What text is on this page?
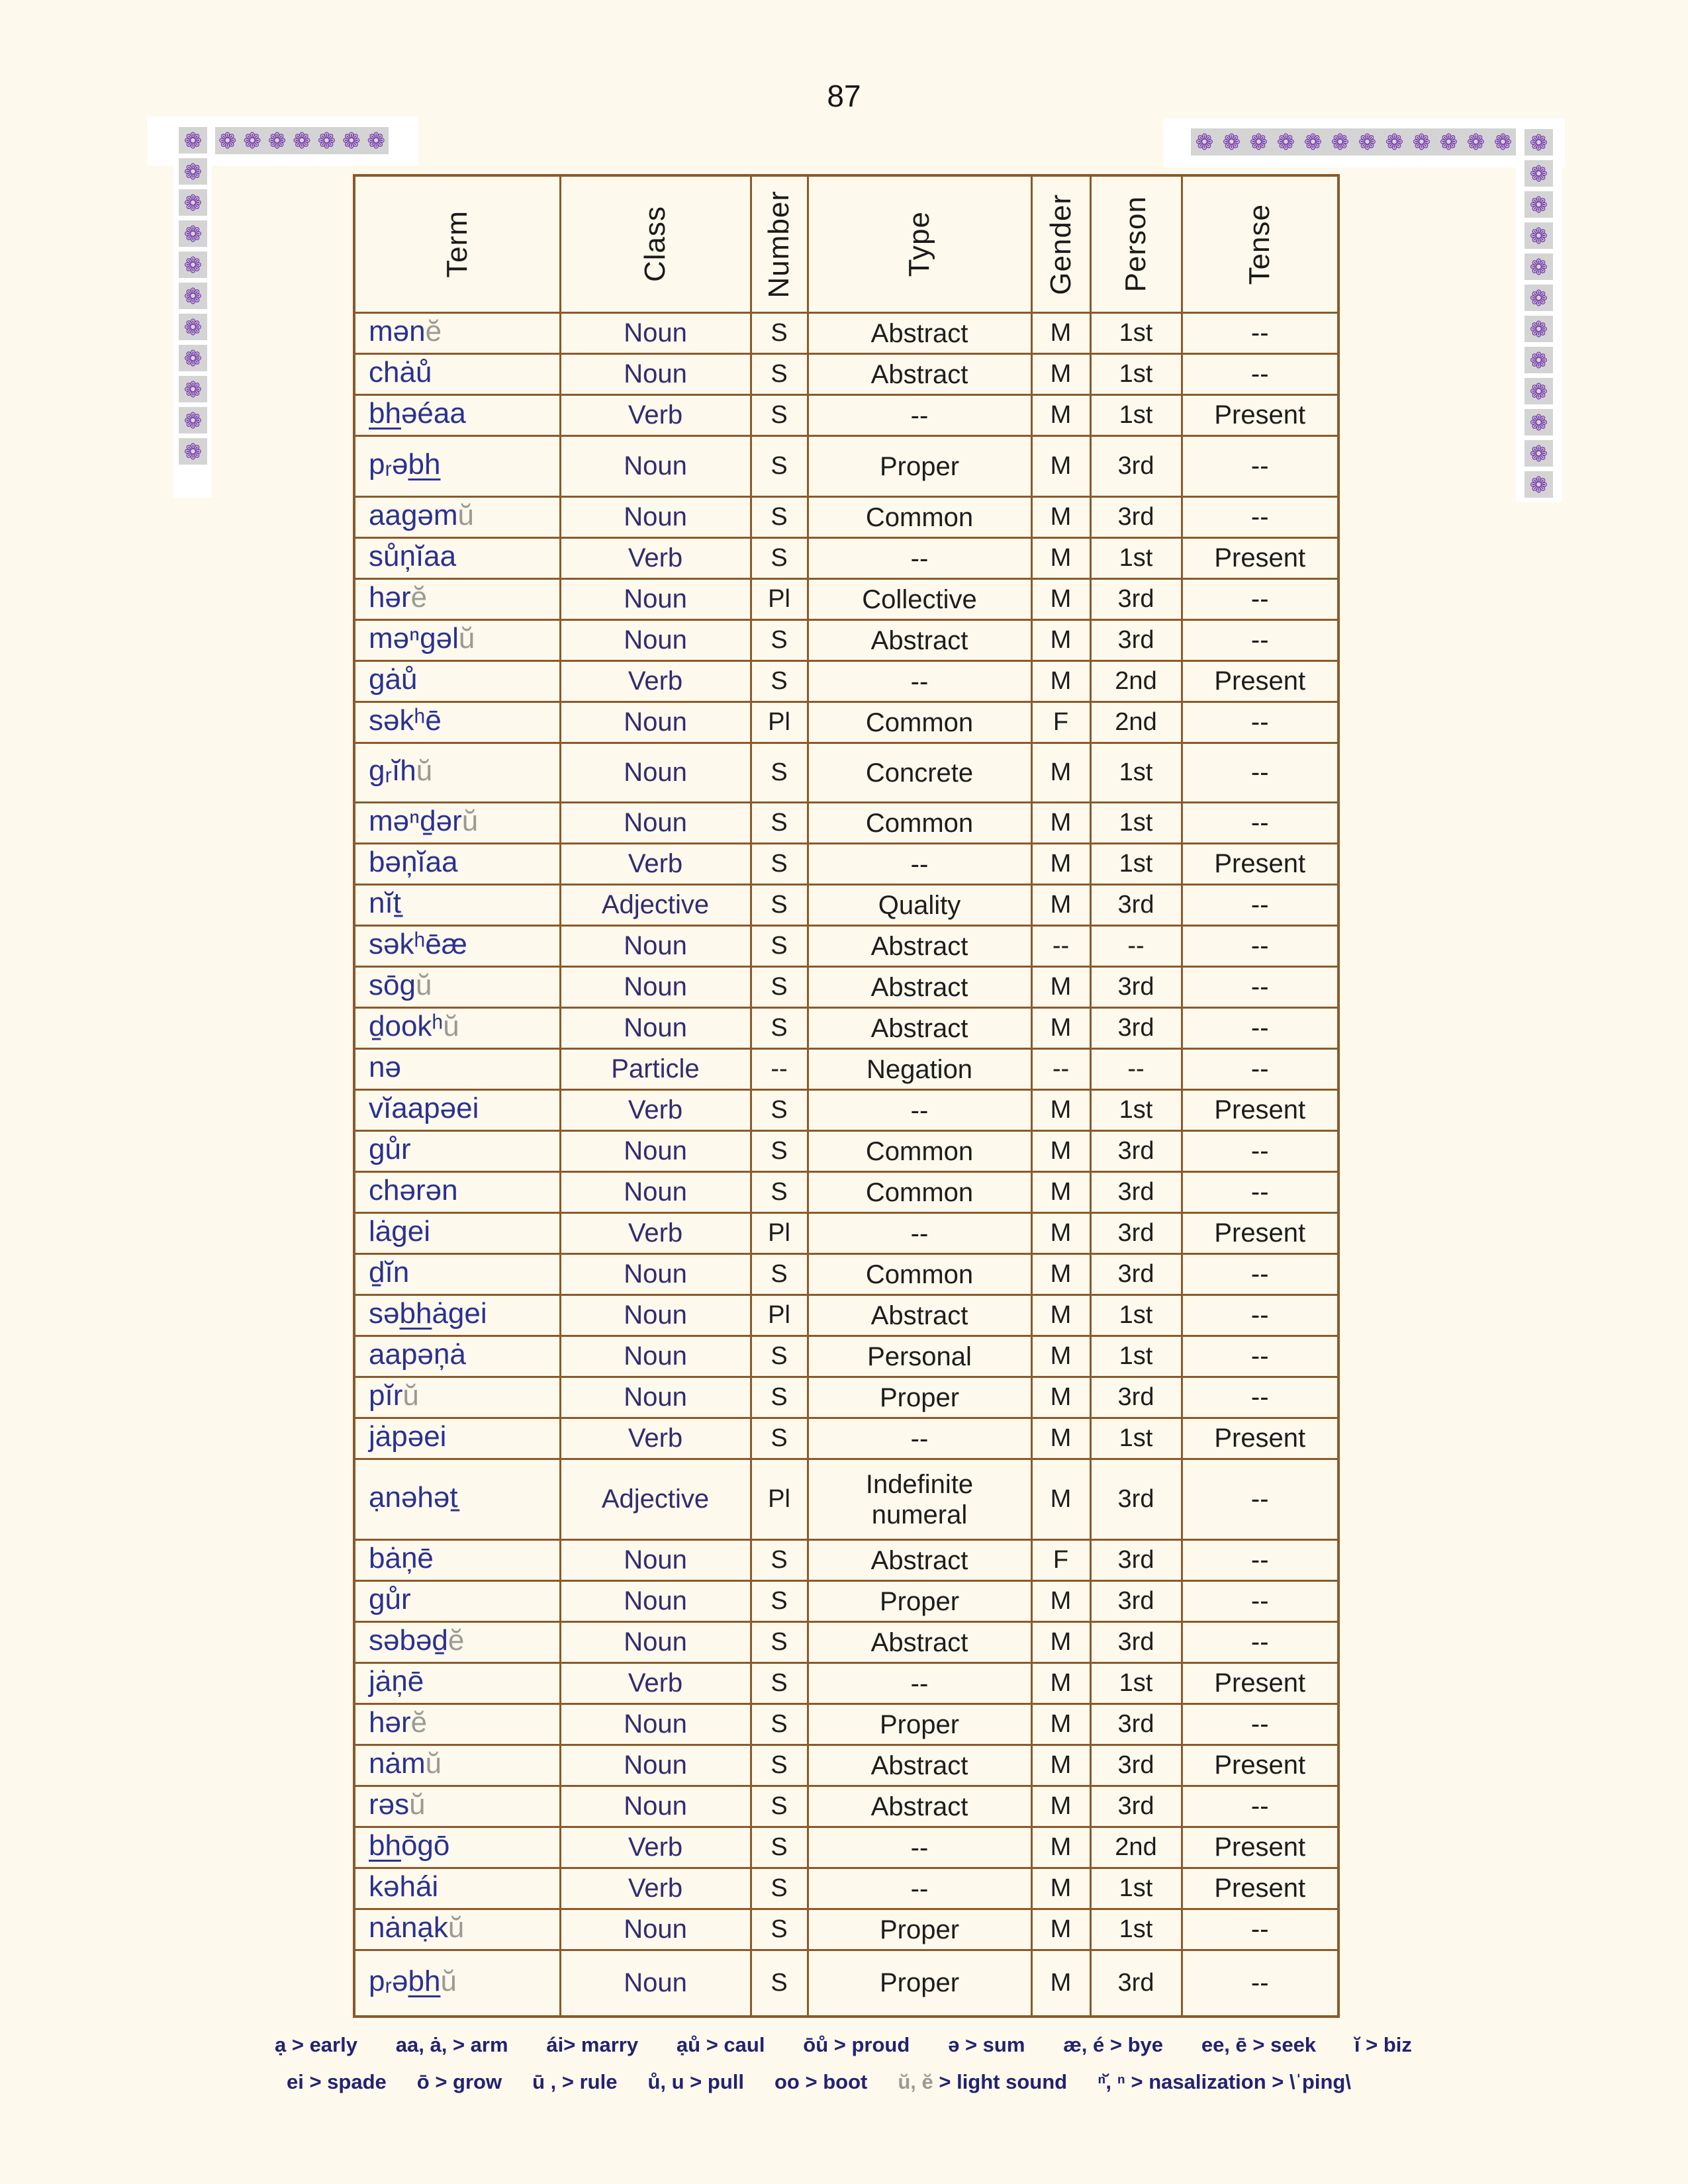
87
❁ ❁ ❁ ❁ ❁ ❁ ❁	❁ ❁ ❁ ❁ ❁ ❁ ❁ ❁ ❁ ❁ ❁ ❁
❁
❁
❁
❁
❁
❁
❁
❁
❁
❁
❁
❁
❁
❁
❁
❁
❁
❁
❁
❁
❁
❁
❁
Term	Class	Number	Type	Gender	Person	Tense

mənĕ	Noun	S	Abstract	M	1st	--
chȧů	Noun	S	Abstract	M	1st	--
bhəéaa	Verb	S	--	M	1st	Present
pᵣəbh	Noun	S	Proper	M	3rd	--
aagəmŭ	Noun	S	Common	M	3rd	--
sůņĭaa	Verb	S	--	M	1st	Present
hərĕ	Noun	Pl	Collective	M	3rd	--
məⁿgəlŭ	Noun	S	Abstract	M	3rd	--
gȧů	Verb	S	--	M	2nd	Present
səkʰē	Noun	Pl	Common	F	2nd	--
gᵣĭhŭ	Noun	S	Concrete	M	1st	--
məⁿd̠ərŭ	Noun	S	Common	M	1st	--
bəņĭaa	Verb	S	--	M	1st	Present
nĭt̠	Adjective	S	Quality	M	3rd	--
səkʰēæ	Noun	S	Abstract	--	--	--
sōgŭ	Noun	S	Abstract	M	3rd	--
d̠ookʰŭ	Noun	S	Abstract	M	3rd	--
nə	Particle	--	Negation	--	--	--
vĭaapəei	Verb	S	--	M	1st	Present
gůr	Noun	S	Common	M	3rd	--
chərən	Noun	S	Common	M	3rd	--
lȧgei	Verb	Pl	--	M	3rd	Present
d̠ĭn	Noun	S	Common	M	3rd	--
səbhȧgei	Noun	Pl	Abstract	M	1st	--
aapəņȧ	Noun	S	Personal	M	1st	--
pĭrŭ	Noun	S	Proper	M	3rd	--
jȧpəei	Verb	S	--	M	1st	Present
ạnəhət̠	Adjective	Pl	Indefinite numeral	M	3rd	--
bȧņē	Noun	S	Abstract	F	3rd	--
gůr	Noun	S	Proper	M	3rd	--
səbəd̠ĕ	Noun	S	Abstract	M	3rd	--
jȧņē	Verb	S	--	M	1st	Present
hərĕ	Noun	S	Proper	M	3rd	--
nȧmŭ	Noun	S	Abstract	M	3rd	Present
rəsŭ	Noun	S	Abstract	M	3rd	--
bhōgō	Verb	S	--	M	2nd	Present
kəhái	Verb	S	--	M	1st	Present
nȧnạkŭ	Noun	S	Proper	M	1st	--
pᵣəbhŭ	Noun	S	Proper	M	3rd	--
ạ > early aa, ȧ, > arm ái> marry ạů > caul ōů > proud ə > sum æ, é > bye ee, ē > seek ĭ > biz
ei > spade ō > grow ū , > rule ů, u > pull oo > boot ŭ, ĕ > light sound ⁿ̆, ⁿ > nasalization > \ˈping\
